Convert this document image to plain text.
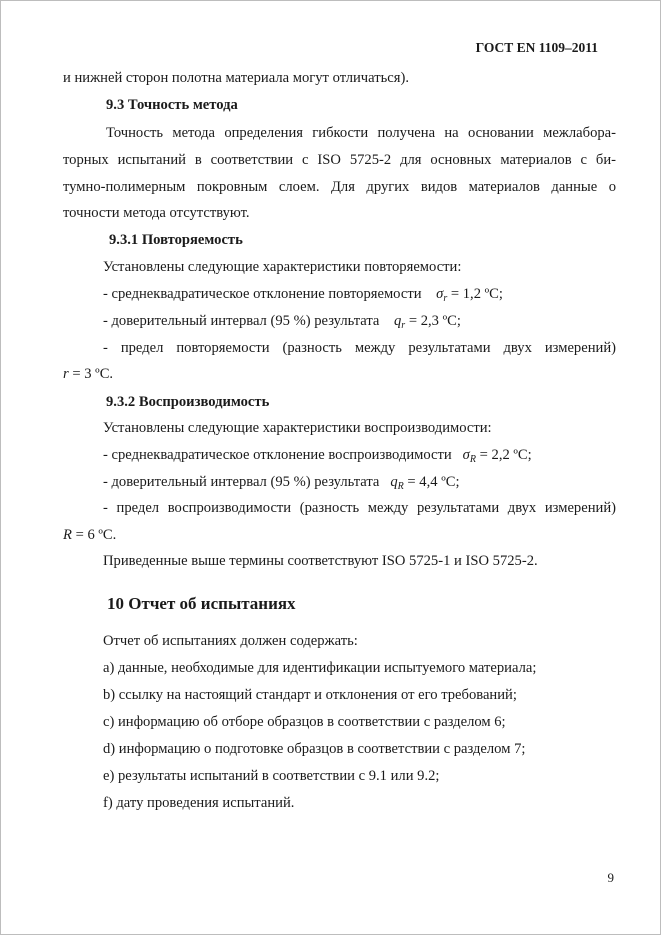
ГОСТ EN 1109–2011
и нижней сторон полотна материала могут отличаться).
9.3 Точность метода
Точность метода определения гибкости получена на основании межлабора-
торных испытаний в соответствии с ISO 5725-2 для основных материалов с би-
тумно-полимерным покровным слоем. Для других видов материалов данные о
точности метода отсутствуют.
9.3.1 Повторяемость
Установлены следующие характеристики повторяемости:
- среднеквадратическое отклонение повторяемости $\sigma_r = 1,2$ ºС;
- доверительный интервал (95 %) результата $q_r = 2,3$ ºС;
- предел повторяемости (разность между результатами двух измерений)
r = 3 ºС.
9.3.2 Воспроизводимость
Установлены следующие характеристики воспроизводимости:
- среднеквадратическое отклонение воспроизводимости $\sigma_R = 2,2$ ºС;
- доверительный интервал (95 %) результата $q_R = 4,4$ ºС;
- предел воспроизводимости (разность между результатами двух измерений)
R = 6 ºС.
Приведенные выше термины соответствуют ISO 5725-1 и ISO 5725-2.
10 Отчет об испытаниях
Отчет об испытаниях должен содержать:
a) данные, необходимые для идентификации испытуемого материала;
b) ссылку на настоящий стандарт и отклонения от его требований;
c) информацию об отборе образцов в соответствии с разделом 6;
d) информацию о подготовке образцов в соответствии с разделом 7;
e) результаты испытаний в соответствии с 9.1 или 9.2;
f) дату проведения испытаний.
9
